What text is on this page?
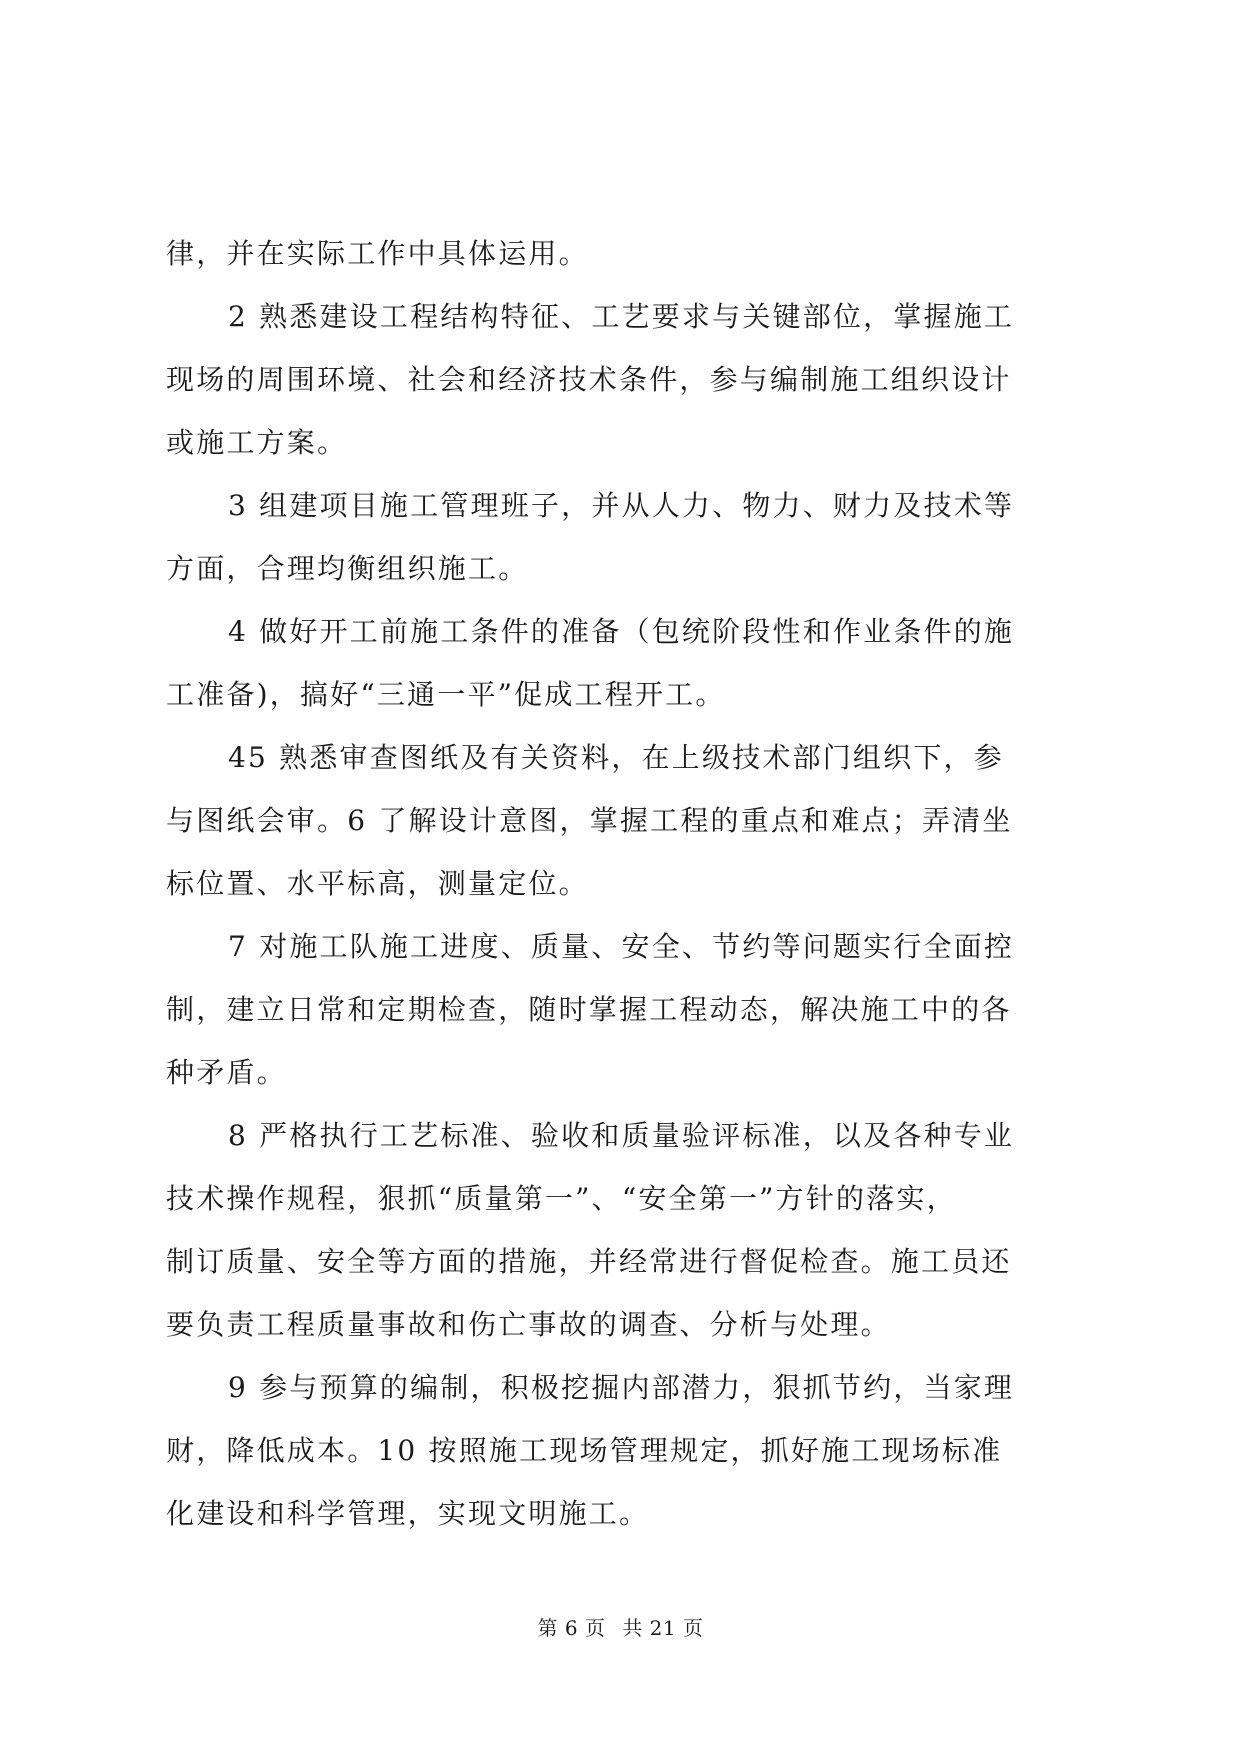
律，并在实际工作中具体运用。
2 熟悉建设工程结构特征、工艺要求与关键部位，掌握施工
现场的周围环境、社会和经济技术条件，参与编制施工组织设计
或施工方案。
3 组建项目施工管理班子，并从人力、物力、财力及技术等
方面，合理均衡组织施工。
4 做好开工前施工条件的准备（包统阶段性和作业条件的施
工准备)，搞好“三通一平”促成工程开工。
45 熟悉审查图纸及有关资料，在上级技术部门组织下，参
与图纸会审。6 了解设计意图，掌握工程的重点和难点；弄清坐
标位置、水平标高，测量定位。
7 对施工队施工进度、质量、安全、节约等问题实行全面控
制，建立日常和定期检查，随时掌握工程动态，解决施工中的各
种矛盾。
8 严格执行工艺标准、验收和质量验评标准，以及各种专业
技术操作规程，狠抓“质量第一”、“安全第一”方针的落实，
制订质量、安全等方面的措施，并经常进行督促检查。施工员还
要负责工程质量事故和伤亡事故的调查、分析与处理。
9 参与预算的编制，积极挖掘内部潜力，狠抓节约，当家理
财，降低成本。10 按照施工现场管理规定，抓好施工现场标准
化建设和科学管理，实现文明施工。
第 6 页 共 21 页
